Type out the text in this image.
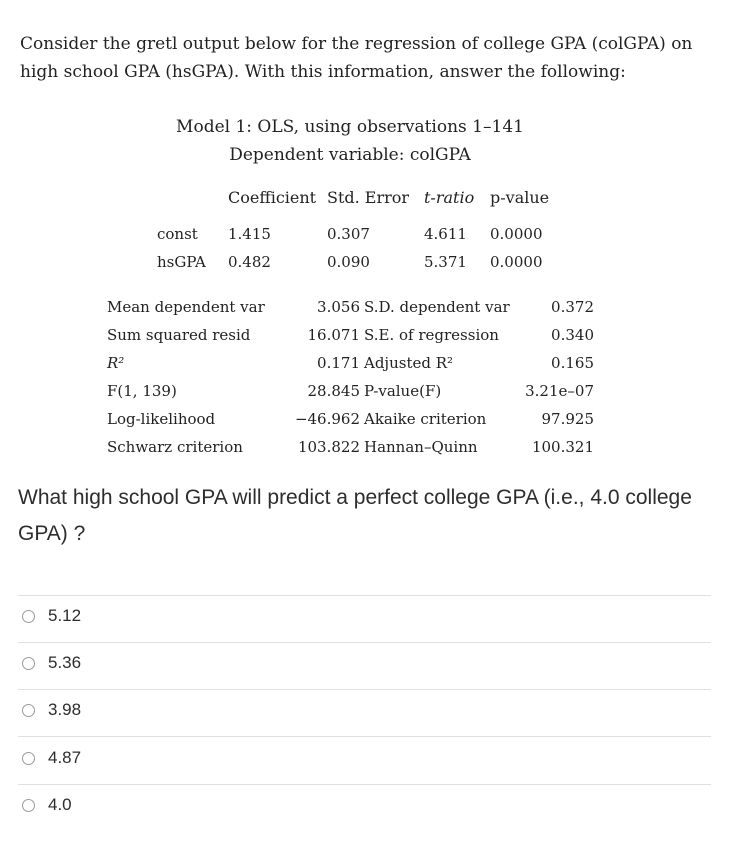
Consider the gretl output below for the regression of college GPA (colGPA) on high school GPA (hsGPA). With this information, answer the following:
Model 1: OLS, using observations 1–141
Dependent variable: colGPA
Coefficient Std. Error t-ratio p-value
const 1.415	0.307	4.611 0.0000
hsGPA 0.482	0.090	5.371 0.0000
Mean dependent var	3.056 S.D. dependent var	0.372
Sum squared resid	16.071 S.E. of regression	0.340
R²	0.171 Adjusted R²	0.165
F(1, 139)	28.845 P-value(F)	3.21e–07
Log-likelihood	−46.962 Akaike criterion	97.925
Schwarz criterion	103.822 Hannan–Quinn	100.321
What high school GPA will predict a perfect college GPA (i.e., 4.0 college GPA) ?
5.12
5.36
3.98
4.87
4.0
